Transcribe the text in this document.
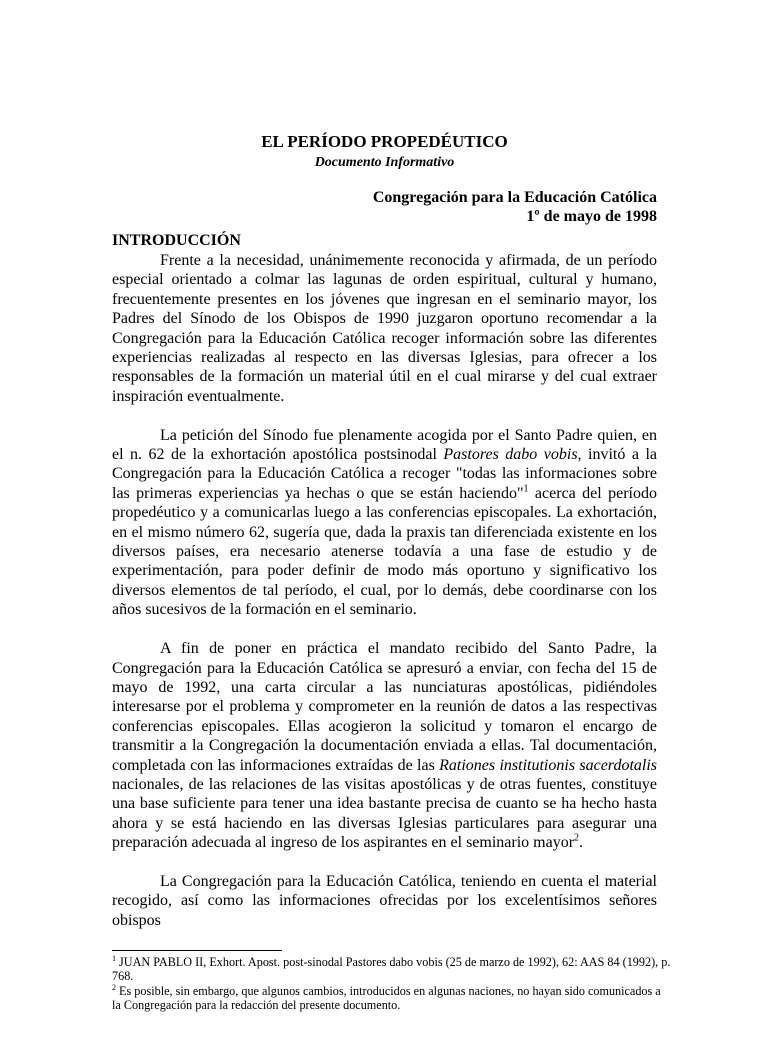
EL PERÍODO PROPEDÉUTICO
Documento Informativo
Congregación para la Educación Católica
1º de mayo de 1998
INTRODUCCIÓN

Frente a la necesidad, unánimemente reconocida y afirmada, de un período especial orientado a colmar las lagunas de orden espiritual, cultural y humano, frecuentemente presentes en los jóvenes que ingresan en el seminario mayor, los Padres del Sínodo de los Obispos de 1990 juzgaron oportuno recomendar a la Congregación para la Educación Católica recoger información sobre las diferentes experiencias realizadas al respecto en las diversas Iglesias, para ofrecer a los responsables de la formación un material útil en el cual mirarse y del cual extraer inspiración eventualmente.

La petición del Sínodo fue plenamente acogida por el Santo Padre quien, en el n. 62 de la exhortación apostólica postsinodal Pastores dabo vobis, invitó a la Congregación para la Educación Católica a recoger "todas las informaciones sobre las primeras experiencias ya hechas o que se están haciendo"$^1$ acerca del período propedéutico y a comunicarlas luego a las conferencias episcopales. La exhortación, en el mismo número 62, sugería que, dada la praxis tan diferenciada existente en los diversos países, era necesario atenerse todavía a una fase de estudio y de experimentación, para poder definir de modo más oportuno y significativo los diversos elementos de tal período, el cual, por lo demás, debe coordinarse con los años sucesivos de la formación en el seminario.

A fin de poner en práctica el mandato recibido del Santo Padre, la Congregación para la Educación Católica se apresuró a enviar, con fecha del 15 de mayo de 1992, una carta circular a las nunciaturas apostólicas, pidiéndoles interesarse por el problema y comprometer en la reunión de datos a las respectivas conferencias episcopales. Ellas acogieron la solicitud y tomaron el encargo de transmitir a la Congregación la documentación enviada a ellas. Tal documentación, completada con las informaciones extraídas de las Rationes institutionis sacerdotalis nacionales, de las relaciones de las visitas apostólicas y de otras fuentes, constituye una base suficiente para tener una idea bastante precisa de cuanto se ha hecho hasta ahora y se está haciendo en las diversas Iglesias particulares para asegurar una preparación adecuada al ingreso de los aspirantes en el seminario mayor$^2$.

La Congregación para la Educación Católica, teniendo en cuenta el material recogido, así como las informaciones ofrecidas por los excelentísimos señores obispos

$^1$ JUAN PABLO II, Exhort. Apost. post-sinodal Pastores dabo vobis (25 de marzo de 1992), 62: AAS 84 (1992), p. 768.
$^2$ Es posible, sin embargo, que algunos cambios, introducidos en algunas naciones, no hayan sido comunicados a la Congregación para la redacción del presente documento.
